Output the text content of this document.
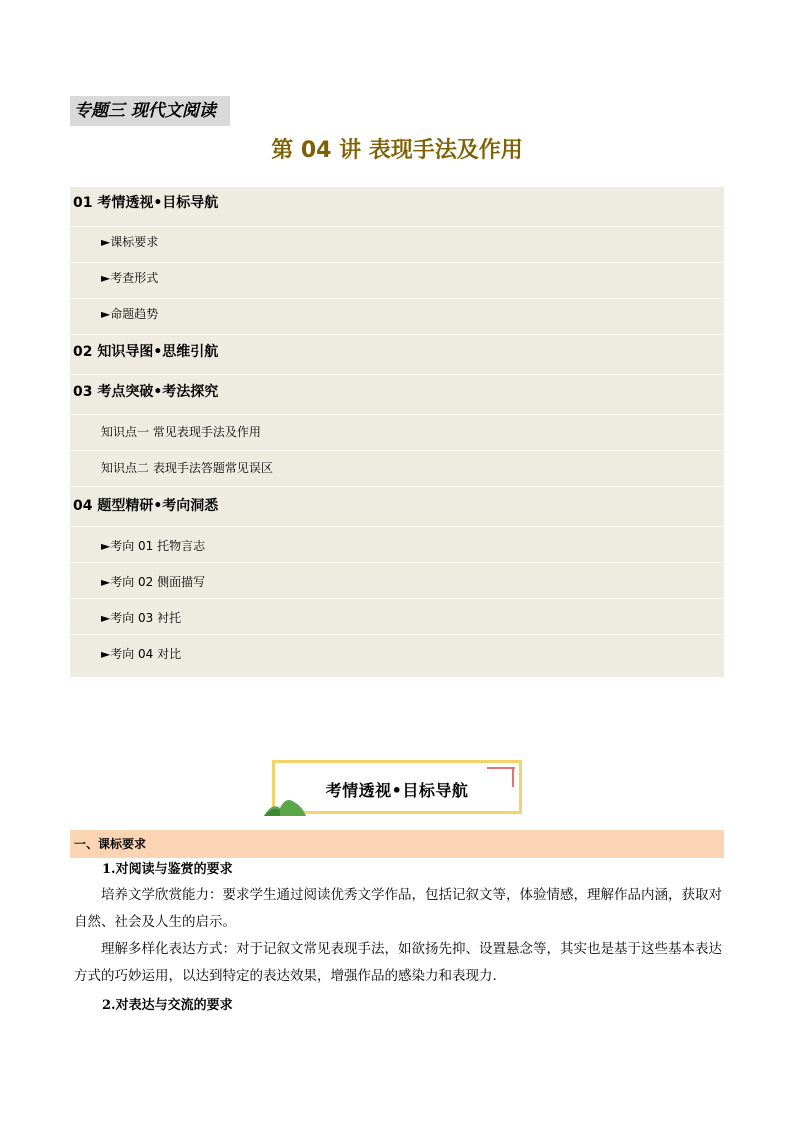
专题三 现代文阅读
第 04 讲 表现手法及作用
01 考情透视•目标导航
►课标要求
►考查形式
►命题趋势
02 知识导图•思维引航
03 考点突破•考法探究
知识点一 常见表现手法及作用
知识点二 表现手法答题常见误区
04 题型精研•考向洞悉
►考向 01 托物言志
►考向 02 侧面描写
►考向 03 衬托
►考向 04 对比
考情透视•目标导航
一、课标要求
1.对阅读与鉴赏的要求
培养文学欣赏能力：要求学生通过阅读优秀文学作品，包括记叙文等，体验情感，理解作品内涵，获取对自然、社会及人生的启示。
理解多样化表达方式：对于记叙文常见表现手法，如欲扬先抑、设置悬念等，其实也是基于这些基本表达方式的巧妙运用，以达到特定的表达效果，增强作品的感染力和表现力.
2.对表达与交流的要求
